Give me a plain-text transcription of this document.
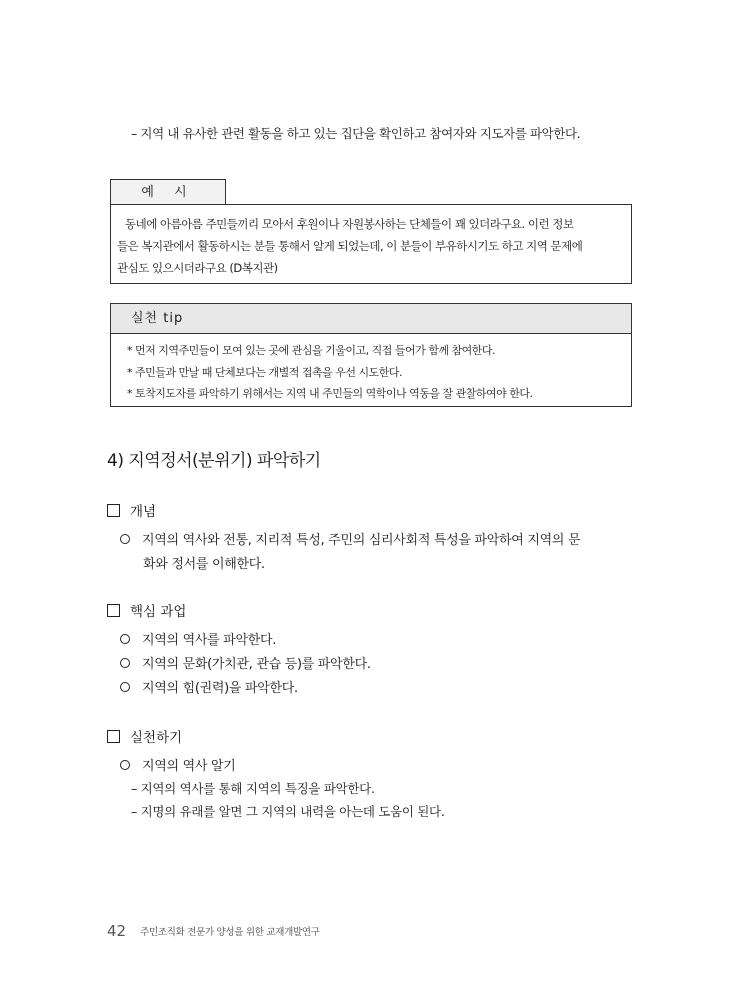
– 지역 내 유사한 관련 활동을 하고 있는 집단을 확인하고 참여자와 지도자를 파악한다.
예 시
동네에 아름아름 주민들끼리 모아서 후원이나 자원봉사하는 단체들이 꽤 있더라구요. 이런 정보
들은 복지관에서 활동하시는 분들 통해서 알게 되었는데, 이 분들이 부유하시기도 하고 지역 문제에
관심도 있으시더라구요 (D복지관)
실천 tip
* 먼저 지역주민들이 모여 있는 곳에 관심을 기울이고, 직접 들어가 함께 참여한다.
* 주민들과 만날 때 단체보다는 개별적 접촉을 우선 시도한다.
* 토착지도자를 파악하기 위해서는 지역 내 주민들의 역학이나 역동을 잘 관찰하여야 한다.
4) 지역정서(분위기) 파악하기
개념
지역의 역사와 전통, 지리적 특성, 주민의 심리사회적 특성을 파악하여 지역의 문
화와 정서를 이해한다.
핵심 과업
지역의 역사를 파악한다.
지역의 문화(가치관, 관습 등)를 파악한다.
지역의 힘(권력)을 파악한다.
실천하기
지역의 역사 알기
– 지역의 역사를 통해 지역의 특징을 파악한다.
– 지명의 유래를 알면 그 지역의 내력을 아는데 도움이 된다.
42 주민조직화 전문가 양성을 위한 교재개발연구
